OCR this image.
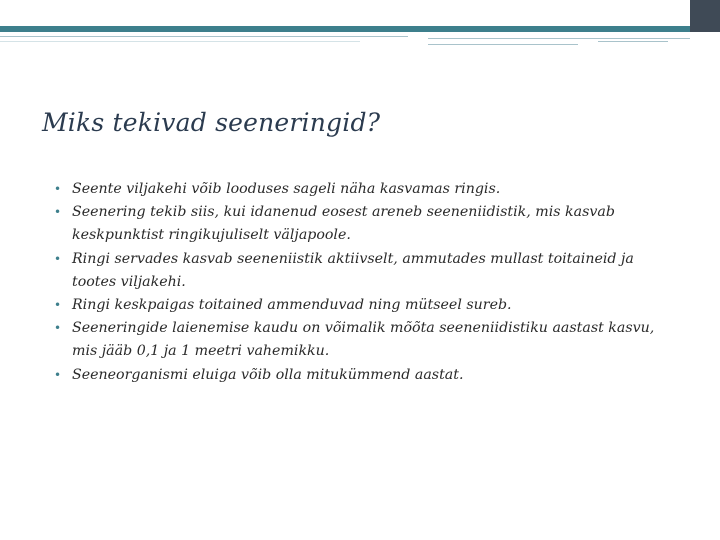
Miks tekivad seeneringid?
• Seente viljakehi võib looduses sageli näha kasvamas ringis.
• Seenering tekib siis, kui idanenud eosest areneb seeneniidistik, mis kasvab keskpunktist ringikujuliselt väljapoole.
• Ringi servades kasvab seeneniistik aktiivselt, ammutades mullast toitaineid ja tootes viljakehi.
• Ringi keskpaigas toitained ammenduvad ning mütseel sureb.
• Seeneringide laienemise kaudu on võimalik mõõta seeneniidistiku aastast kasvu, mis jääb 0,1 ja 1 meetri vahemikku.
• Seeneorganismi eluiga võib olla mitukümmend aastat.
